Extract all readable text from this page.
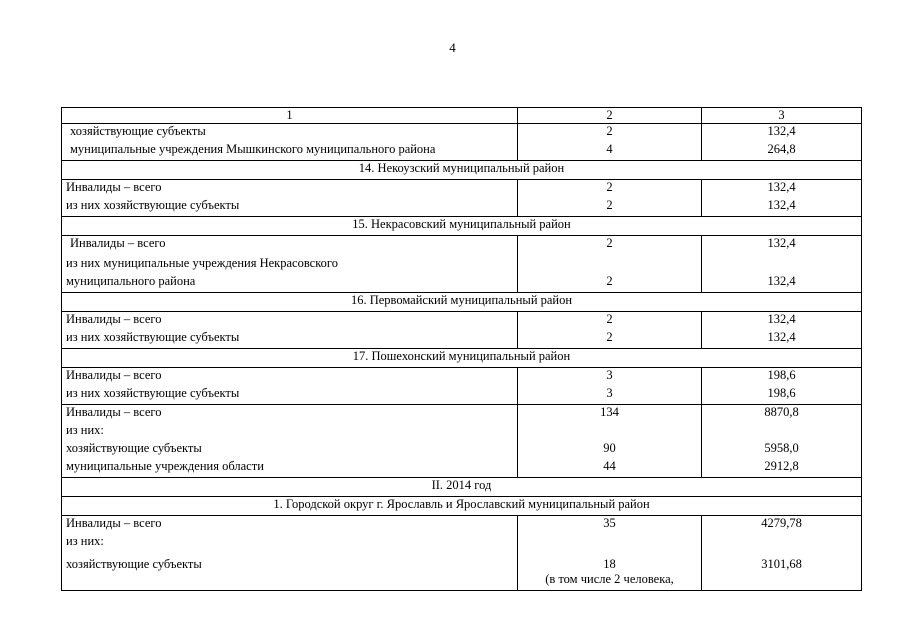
4
1	2	3
хозяйствующие субъекты	2	132,4
муниципальные учреждения Мышкинского муниципального района	4	264,8
14. Некоузский муниципальный район		
Инвалиды – всего	2	132,4
из них хозяйствующие субъекты	2	132,4
15. Некрасовский муниципальный район		
Инвалиды – всего	2	132,4
из них муниципальные учреждения Некрасовского		
муниципального района	2	132,4
16. Первомайский муниципальный район		
Инвалиды – всего	2	132,4
из них хозяйствующие субъекты	2	132,4
17. Пошехонский муниципальный район		
Инвалиды – всего	3	198,6
из них хозяйствующие субъекты	3	198,6
Инвалиды – всего	134	8870,8
из них:		
хозяйствующие субъекты	90	5958,0
муниципальные учреждения области	44	2912,8
II. 2014 год		
1. Городской округ г. Ярославль и Ярославский муниципальный район		
Инвалиды – всего	35	4279,78
из них:		
хозяйствующие субъекты	18	3101,68
	(в том числе 2 человека,	
